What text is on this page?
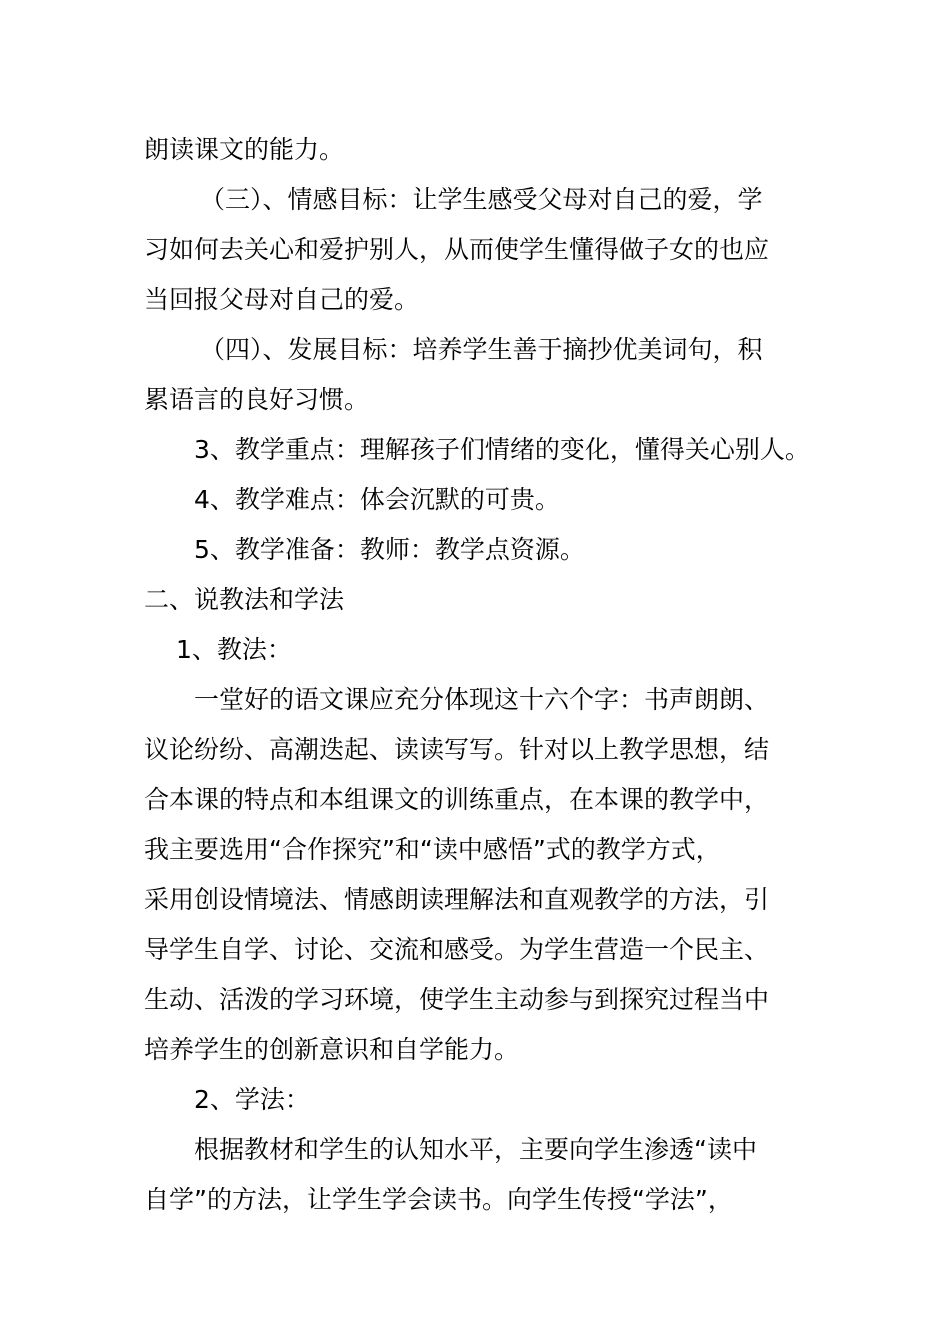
朗读课文的能力。
（三）、情感目标：让学生感受父母对自己的爱，学
习如何去关心和爱护别人，从而使学生懂得做子女的也应
当回报父母对自己的爱。
（四）、发展目标：培养学生善于摘抄优美词句，积
累语言的良好习惯。
3、教学重点：理解孩子们情绪的变化，懂得关心别人。
4、教学难点：体会沉默的可贵。
5、教学准备：教师：教学点资源。
二、说教法和学法
1、教法：
一堂好的语文课应充分体现这十六个字：书声朗朗、
议论纷纷、高潮迭起、读读写写。针对以上教学思想，结
合本课的特点和本组课文的训练重点，在本课的教学中，
我主要选用“合作探究”和“读中感悟”式的教学方式，
采用创设情境法、情感朗读理解法和直观教学的方法，引
导学生自学、讨论、交流和感受。为学生营造一个民主、
生动、活泼的学习环境，使学生主动参与到探究过程当中
培养学生的创新意识和自学能力。
2、学法：
根据教材和学生的认知水平，主要向学生渗透“读中
自学”的方法，让学生学会读书。向学生传授“学法”，
